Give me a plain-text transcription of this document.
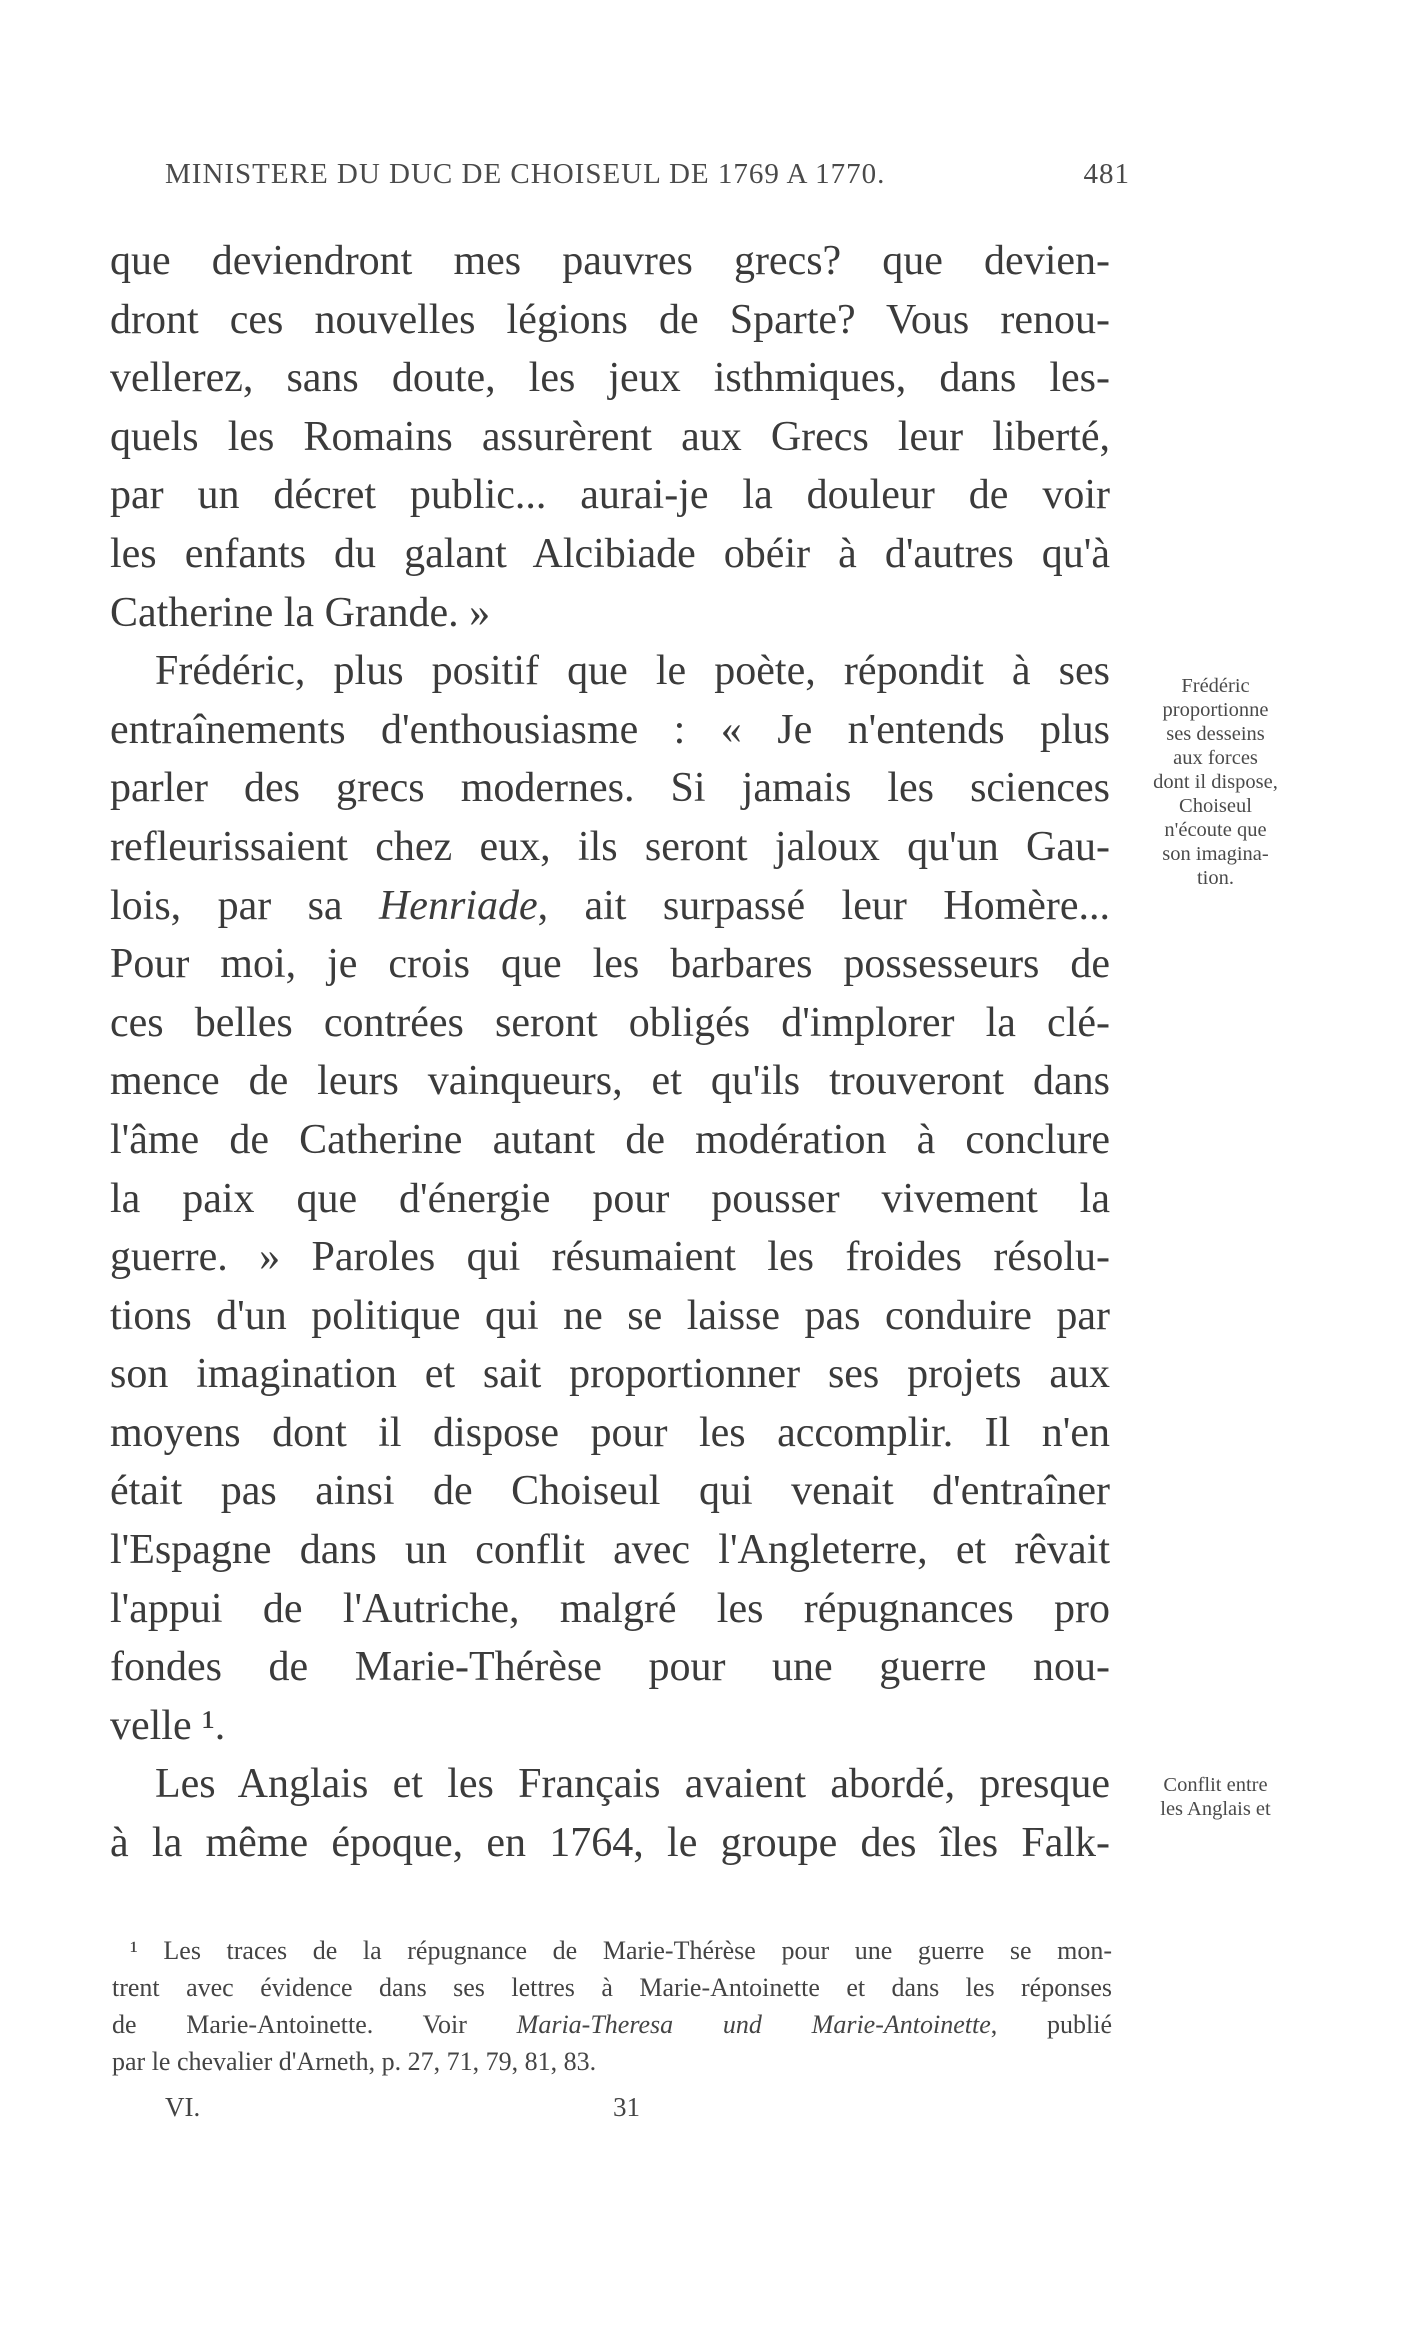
MINISTERE DU DUC DE CHOISEUL DE 1769 A 1770.	481
que deviendront mes pauvres grecs? que devien-
dront ces nouvelles légions de Sparte? Vous renou-
vellerez, sans doute, les jeux isthmiques, dans les-
quels les Romains assurèrent aux Grecs leur liberté,
par un décret public... aurai-je la douleur de voir
les enfants du galant Alcibiade obéir à d'autres qu'à
Catherine la Grande. »
Frédéric, plus positif que le poète, répondit à ses
entraînements d'enthousiasme : « Je n'entends plus
parler des grecs modernes. Si jamais les sciences
refleurissaient chez eux, ils seront jaloux qu'un Gau-
lois, par sa Henriade, ait surpassé leur Homère...
Pour moi, je crois que les barbares possesseurs de
ces belles contrées seront obligés d'implorer la clé-
mence de leurs vainqueurs, et qu'ils trouveront dans
l'âme de Catherine autant de modération à conclure
la paix que d'énergie pour pousser vivement la
guerre. » Paroles qui résumaient les froides résolu-
tions d'un politique qui ne se laisse pas conduire par
son imagination et sait proportionner ses projets aux
moyens dont il dispose pour les accomplir. Il n'en
était pas ainsi de Choiseul qui venait d'entraîner
l'Espagne dans un conflit avec l'Angleterre, et rêvait
l'appui de l'Autriche, malgré les répugnances pro
fondes de Marie-Thérèse pour une guerre nou-
velle ¹.
Les Anglais et les Français avaient abordé, presque
à la même époque, en 1764, le groupe des îles Falk-
Frédéric
proportionne
ses desseins
aux forces
dont il dispose,
Choiseul
n'écoute que
son imagina-
tion.
Conflit entre
les Anglais et
¹ Les traces de la répugnance de Marie-Thérèse pour une guerre se mon-
trent avec évidence dans ses lettres à Marie-Antoinette et dans les réponses
de Marie-Antoinette. Voir Maria-Theresa und Marie-Antoinette, publié
par le chevalier d'Arneth, p. 27, 71, 79, 81, 83.
VI.	31
